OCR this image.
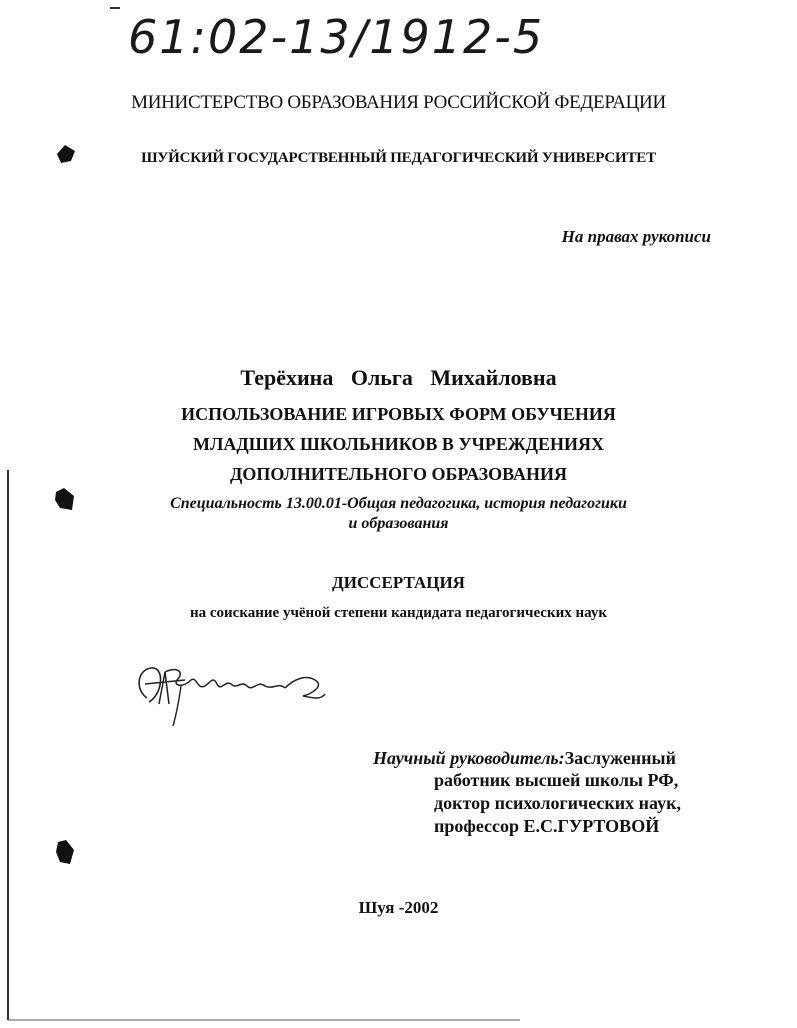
61:02-13/1912-5
МИНИСТЕРСТВО ОБРАЗОВАНИЯ РОССИЙСКОЙ ФЕДЕРАЦИИ
ШУЙСКИЙ ГОСУДАРСТВЕННЫЙ ПЕДАГОГИЧЕСКИЙ УНИВЕРСИТЕТ
На правах рукописи
Терёхина Ольга Михайловна
ИСПОЛЬЗОВАНИЕ ИГРОВЫХ ФОРМ ОБУЧЕНИЯ
МЛАДШИХ ШКОЛЬНИКОВ В УЧРЕЖДЕНИЯХ
ДОПОЛНИТЕЛЬНОГО ОБРАЗОВАНИЯ
Специальность 13.00.01-Общая педагогика, история педагогики
и образования
ДИССЕРТАЦИЯ
на соискание учёной степени кандидата педагогических наук
Научный руководитель:Заслуженный
работник высшей школы РФ,
доктор психологических наук,
профессор Е.С.ГУРТОВОЙ
Шуя -2002
